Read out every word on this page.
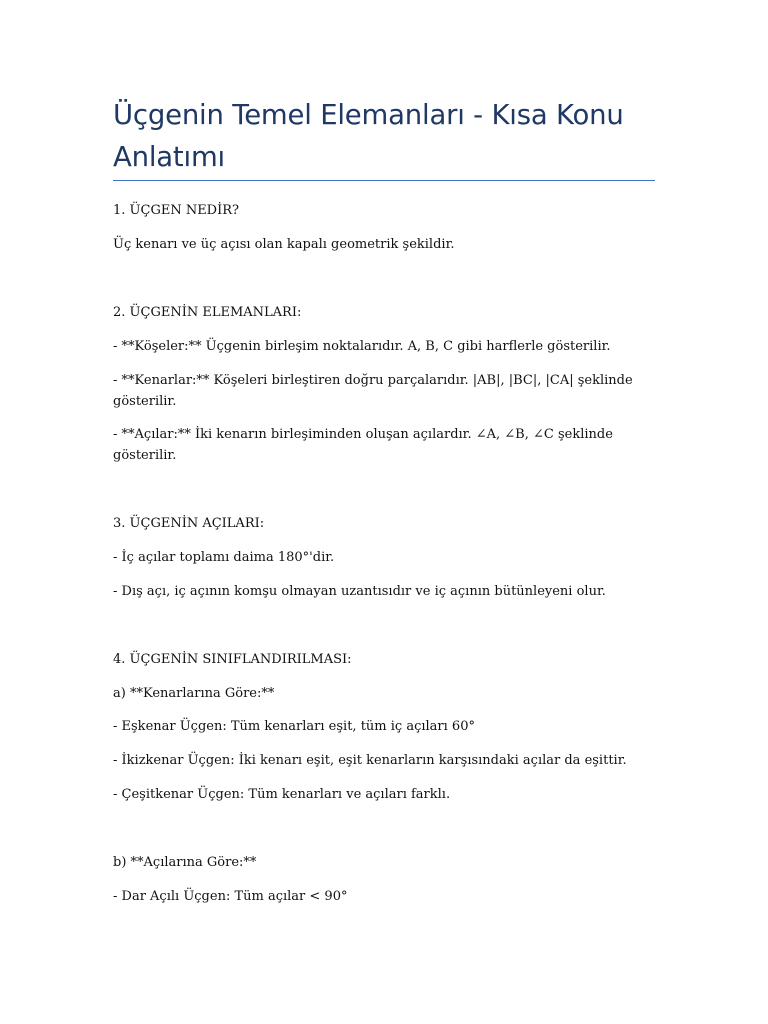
Üçgenin Temel Elemanları - Kısa Konu Anlatımı

1. ÜÇGEN NEDİR?

Üç kenarı ve üç açısı olan kapalı geometrik şekildir.

2. ÜÇGENİN ELEMANLARI:

- **Köşeler:** Üçgenin birleşim noktalarıdır. A, B, C gibi harflerle gösterilir.

- **Kenarlar:** Köşeleri birleştiren doğru parçalarıdır. |AB|, |BC|, |CA| şeklinde gösterilir.

- **Açılar:** İki kenarın birleşiminden oluşan açılardır. ∠A, ∠B, ∠C şeklinde gösterilir.

3. ÜÇGENİN AÇILARI:

- İç açılar toplamı daima 180°'dir.

- Dış açı, iç açının komşu olmayan uzantısıdır ve iç açının bütünleyeni olur.

4. ÜÇGENİN SINIFLANDIRILMASI:

a) **Kenarlarına Göre:**

- Eşkenar Üçgen: Tüm kenarları eşit, tüm iç açıları 60°

- İkizkenar Üçgen: İki kenarı eşit, eşit kenarların karşısındaki açılar da eşittir.

- Çeşitkenar Üçgen: Tüm kenarları ve açıları farklı.

b) **Açılarına Göre:**

- Dar Açılı Üçgen: Tüm açılar < 90°
